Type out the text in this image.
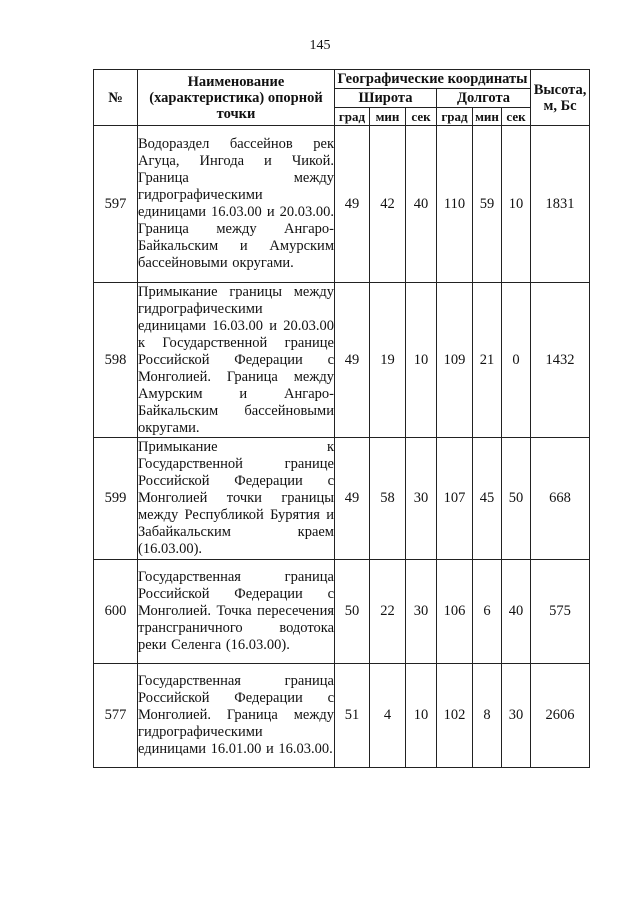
145
№	Наименование (характеристика) опорной точки	Географические координаты						Высота, м, Бс
		Широта			Долгота			
		град	мин	сек	град	мин	сек	
597	Водораздел бассейнов рек Агуца, Ингода и Чикой. Граница между гидрографическими единицами 16.03.00 и 20.03.00. Граница между Ангаро-Байкальским и Амурским бассейновыми округами.	49	42	40	110	59	10	1831
598	Примыкание границы между гидрографическими единицами 16.03.00 и 20.03.00 к Государственной границе Российской Федерации с Монголией. Граница между Амурским и Ангаро-Байкальским бассейновыми округами.	49	19	10	109	21	0	1432
599	Примыкание к Государственной границе Российской Федерации с Монголией точки границы между Республикой Бурятия и Забайкальским краем (16.03.00).	49	58	30	107	45	50	668
600	Государственная граница Российской Федерации с Монголией. Точка пересечения трансграничного водотока реки Селенга (16.03.00).	50	22	30	106	6	40	575
577	Государственная граница Российской Федерации с Монголией. Граница между гидрографическими единицами 16.01.00 и 16.03.00.	51	4	10	102	8	30	2606
